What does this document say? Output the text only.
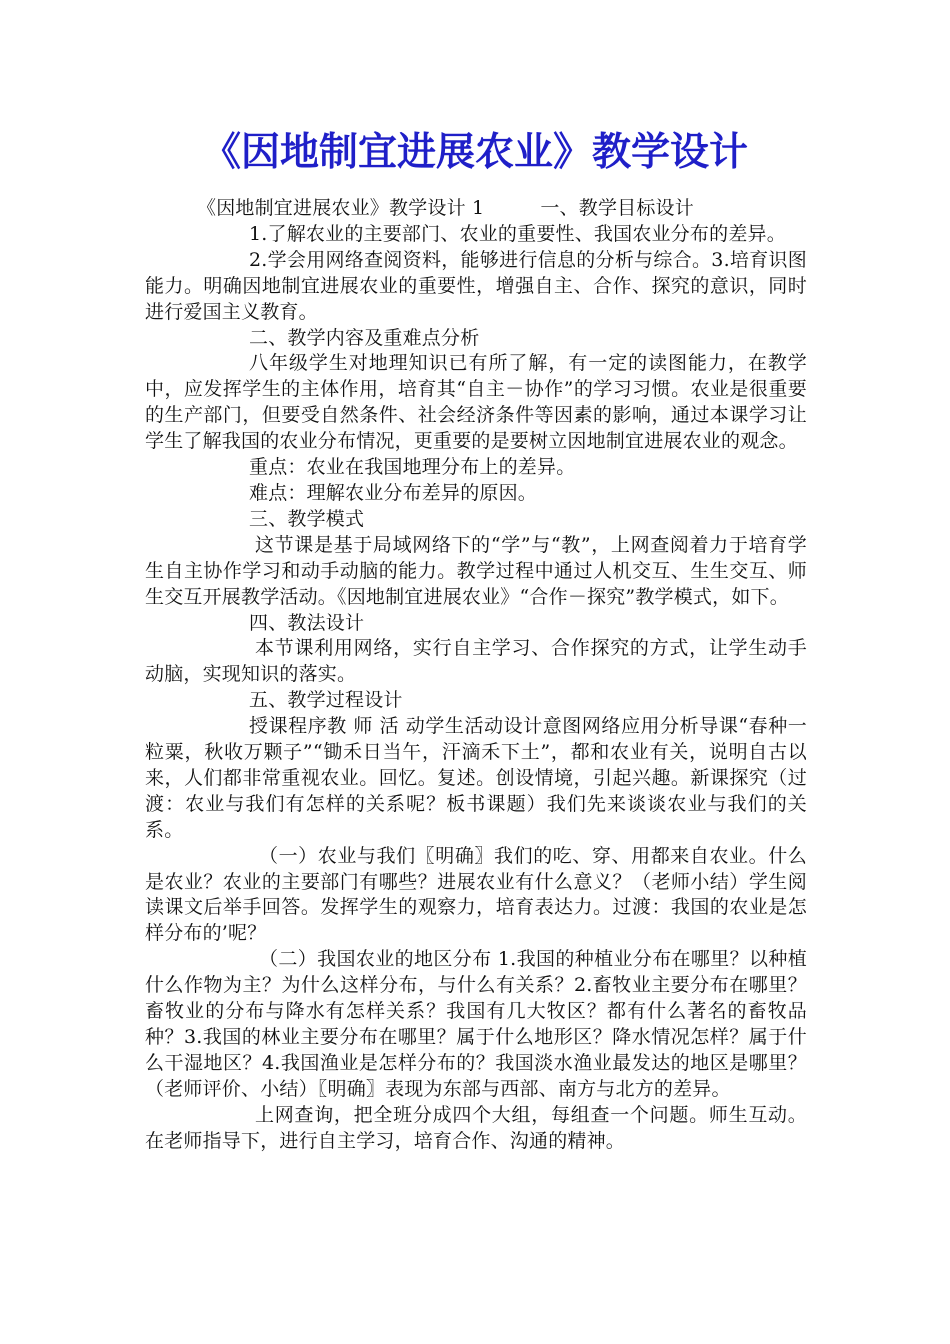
《因地制宜进展农业》教学设计

《因地制宜进展农业》教学设计 1	一、教学目标设计

1.了解农业的主要部门、农业的重要性、我国农业分布的差异。

2.学会用网络查阅资料，能够进行信息的分析与综合。3.培育识图能力。明确因地制宜进展农业的重要性，增强自主、合作、探究的意识，同时进行爱国主义教育。

二、教学内容及重难点分析

八年级学生对地理知识已有所了解，有一定的读图能力，在教学中，应发挥学生的主体作用，培育其“自主－协作”的学习习惯。农业是很重要的生产部门，但要受自然条件、社会经济条件等因素的影响，通过本课学习让学生了解我国的农业分布情况，更重要的是要树立因地制宜进展农业的观念。

重点：农业在我国地理分布上的差异。

难点：理解农业分布差异的原因。

三、教学模式

这节课是基于局域网络下的“学”与“教”，上网查阅着力于培育学生自主协作学习和动手动脑的能力。教学过程中通过人机交互、生生交互、师生交互开展教学活动。《因地制宜进展农业》“合作－探究”教学模式，如下。

四、教法设计

本节课利用网络，实行自主学习、合作探究的方式，让学生动手动脑，实现知识的落实。

五、教学过程设计

授课程序教 师 活 动学生活动设计意图网络应用分析导课“春种一粒粟，秋收万颗子”“锄禾日当午，汗滴禾下土”，都和农业有关，说明自古以来，人们都非常重视农业。回忆。复述。创设情境，引起兴趣。新课探究（过渡：农业与我们有怎样的关系呢？板书课题）我们先来谈谈农业与我们的关系。

（一）农业与我们〖明确〗我们的吃、穿、用都来自农业。什么是农业？农业的主要部门有哪些？进展农业有什么意义？（老师小结）学生阅读课文后举手回答。发挥学生的观察力，培育表达力。过渡：我国的农业是怎样分布的’呢？

（二）我国农业的地区分布 1.我国的种植业分布在哪里？以种植什么作物为主？为什么这样分布，与什么有关系？2.畜牧业主要分布在哪里？畜牧业的分布与降水有怎样关系？我国有几大牧区？都有什么著名的畜牧品种？3.我国的林业主要分布在哪里？属于什么地形区？降水情况怎样？属于什么干湿地区？4.我国渔业是怎样分布的？我国淡水渔业最发达的地区是哪里？（老师评价、小结）〖明确〗表现为东部与西部、南方与北方的差异。

上网查询，把全班分成四个大组，每组查一个问题。师生互动。在老师指导下，进行自主学习，培育合作、沟通的精神。
